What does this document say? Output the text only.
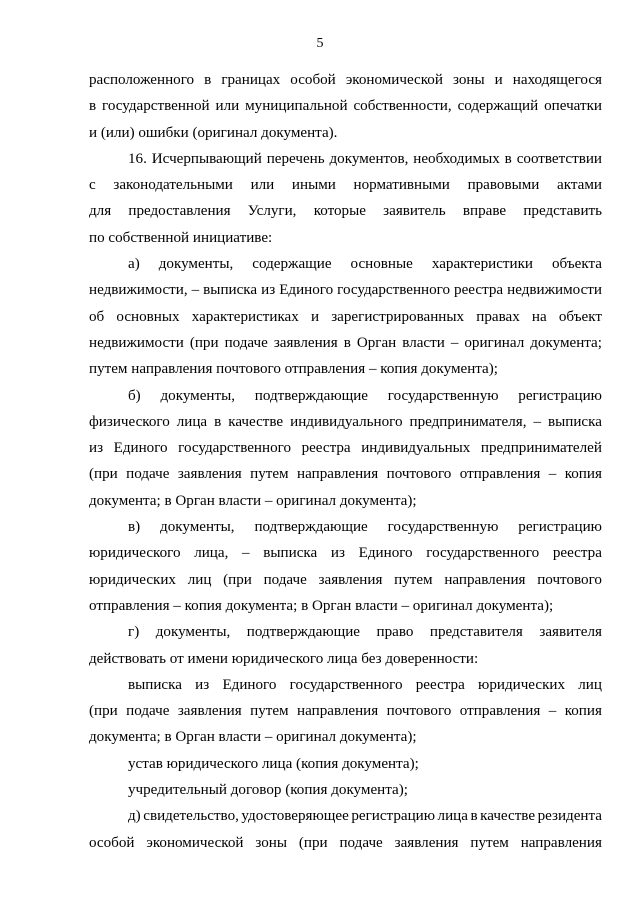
5
расположенного в границах особой экономической зоны и находящегося
в государственной или муниципальной собственности, содержащий опечатки
и (или) ошибки (оригинал документа).
16. Исчерпывающий перечень документов, необходимых в соответствии
с законодательными или иными нормативными правовыми актами
для предоставления Услуги, которые заявитель вправе представить
по собственной инициативе:
а) документы, содержащие основные характеристики объекта
недвижимости, – выписка из Единого государственного реестра недвижимости
об основных характеристиках и зарегистрированных правах на объект
недвижимости (при подаче заявления в Орган власти – оригинал документа;
путем направления почтового отправления – копия документа);
б) документы, подтверждающие государственную регистрацию
физического лица в качестве индивидуального предпринимателя, – выписка
из Единого государственного реестра индивидуальных предпринимателей
(при подаче заявления путем направления почтового отправления – копия
документа; в Орган власти – оригинал документа);
в) документы, подтверждающие государственную регистрацию
юридического лица, – выписка из Единого государственного реестра
юридических лиц (при подаче заявления путем направления почтового
отправления – копия документа; в Орган власти – оригинал документа);
г) документы, подтверждающие право представителя заявителя
действовать от имени юридического лица без доверенности:
выписка из Единого государственного реестра юридических лиц
(при подаче заявления путем направления почтового отправления – копия
документа; в Орган власти – оригинал документа);
устав юридического лица (копия документа);
учредительный договор (копия документа);
д) свидетельство, удостоверяющее регистрацию лица в качестве резидента
особой экономической зоны (при подаче заявления путем направления
